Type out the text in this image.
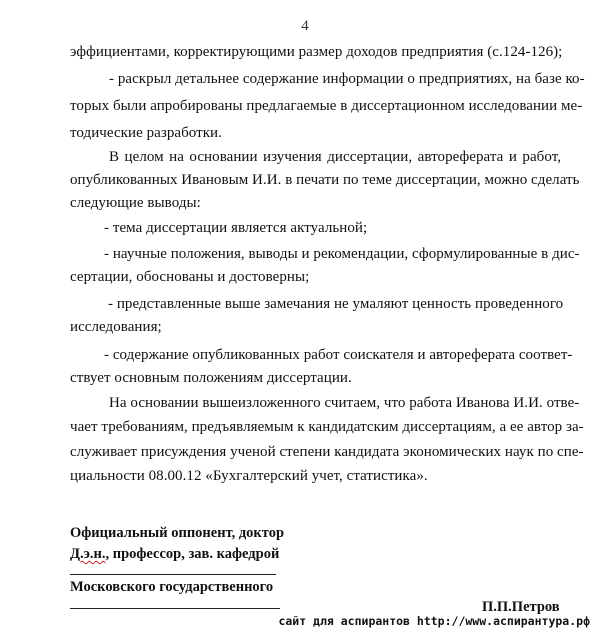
4
эффициентами, корректирующими размер доходов предприятия (с.124-126);
- раскрыл детальнее содержание информации о предприятиях, на базе ко-
торых были апробированы предлагаемые в диссертационном исследовании ме-
тодические разработки.
В целом на основании изучения диссертации, автореферата и работ,
опубликованных Ивановым И.И. в печати по теме диссертации, можно сделать
следующие выводы:
- тема диссертации является актуальной;
- научные положения, выводы и рекомендации, сформулированные в дис-
сертации, обоснованы и достоверны;
- представленные выше замечания не умаляют ценность проведенного
исследования;
- содержание опубликованных работ соискателя и автореферата соответ-
ствует основным положениям диссертации.
На основании вышеизложенного считаем, что работа Иванова И.И. отве-
чает требованиям, предъявляемым к кандидатским диссертациям, а ее автор за-
служивает присуждения ученой степени кандидата экономических наук по спе-
циальности 08.00.12 «Бухгалтерский учет, статистика».
Официальный оппонент, доктор
Д.э.н., профессор, зав. кафедрой
Московского государственного
П.П.Петров
сайт для аспирантов http://www.аспирантура.рф
